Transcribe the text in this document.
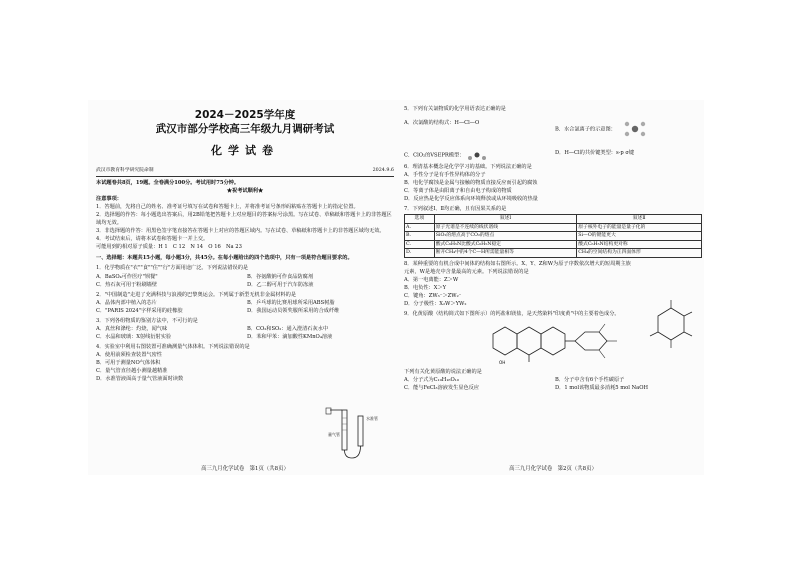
2024－2025学年度
武汉市部分学校高三年级九月调研考试
化学试卷
武汉市教育科学研究院命制	2024.9.6

本试题卷共8页，19题。全卷满分100分。考试用时75分钟。

★祝考试顺利★

注意事项：

1．答题前，先将自己的姓名、准考证号填写在试卷和答题卡上，并将准考证号条形码粘贴在答题卡上的指定位置。

2．选择题的作答：每小题选出答案后，用2B铅笔把答题卡上对应题目的答案标号涂黑。写在试卷、草稿纸和答题卡上的非答题区域均无效。

3．非选择题的作答：用黑色签字笔直接答在答题卡上对应的答题区域内。写在试卷、草稿纸和答题卡上的非答题区域均无效。

4．考试结束后，请将本试卷和答题卡一并上交。

可能用到的相对原子质量：H 1　C 12　N 14　O 16　Na 23

一、选择题：本题共15小题，每小题3分，共45分。在每小题给出的四个选项中，只有一项是符合题目要求的。

1．化学物质在"衣""食""住""行"方面用途广泛。下列说法错误的是

A．BaSO₄可作医疗"钡餐"	B．谷氨酸钠可作食品防腐剂
C．热石灰可用于粉刷墙壁	D．乙二醇可用于汽车防冻液

2．"中国制造"走进了充满科技与浪漫的巴黎奥运会。下列属于新型无机非金属材料的是

A．晶体内部中植入的芯片	B．乒乓球的比赛用球所采用ABS树脂
C．"PARIS 2024"字样采用的硅橡胶	D．我国运动员领奖服所采用的合成纤维

3．下列各组物质的鉴别方法中，不可行的是

A．真丝和涤纶：灼烧，闻气味	B．CO₂和SO₂：通入澄清石灰水中
C．水晶和玻璃：X射线衍射实验	D．苯和甲苯：滴加酸性KMnO₄溶液

4．实验室中利用右图装置可准确测量气体体积。下列说法错误的是

A．使用前须检查装置气密性

B．可用于测量NO气体体积

C．量气管直径越小测量越精准

D．水准管液面高于量气管液面时读数

水准管
量气管
高三九月化学试卷　第1页（共8页）

5．下列有关氯物质的化学用语表达正确的是

A．次氯酸的结构式：H—Cl—O
B．水合氯离子的示意图：
C．ClO₂的VSEPR模型：	D．H—Cl的共价键类型：s-p σ键

6．理清基本概念是化学学习的基础。下列说法正确的是

A．手性分子是有手性异构体的分子

B．电化学腐蚀是金属与接触的物质直接反应而引起的腐蚀

C．等离子体是由阳离子和自由电子构成的物质

D．反应热是化学反应体系向环境释放或从环境吸收的热量

7．下列叙述Ⅰ、Ⅱ均正确，且有因果关系的是

选项	叙述Ⅰ	叙述Ⅱ
A.	原子光谱是不连续的线状谱线	原子核外电子的能量是量子化的
B.	SiO₂的熔点高于CO₂的熔点	Si—O的键能更大
C.	酸式C₆H₅N比酸式C₆H₅N稳定	酸式C₆H₅N结构更对称
D.	断开CH₄中的4个C—H所需能量相等	CH₄的空间结构为正四面体形

8．某种重要的有机合成中间体的结构如右图所示。X、Y、Z和W为原子序数依次增大的短周期主族元素，W是地壳中含量最高的元素。下列说法错误的是

A．第一电离能：Z＞W

B．电负性：X＞Y

C．键角：ZW₃⁻＞ZW₂⁻

D．分子极性：X₂W＞YW₂

9．化黄原酸（结构简式如下图所示）的钙盐和镁盐，是天然染料"印度黄"中的主要着色成分。

OH

下列有关化黄原酸的说法正确的是

A．分子式为C₁₉H₁₆O₁₀	B．分子中含有6个手性碳原子
C．能与FeCl₃溶液发生显色反应	D．1 mol该物质最多消耗5 mol NaOH
高三九月化学试卷　第2页（共8页）
